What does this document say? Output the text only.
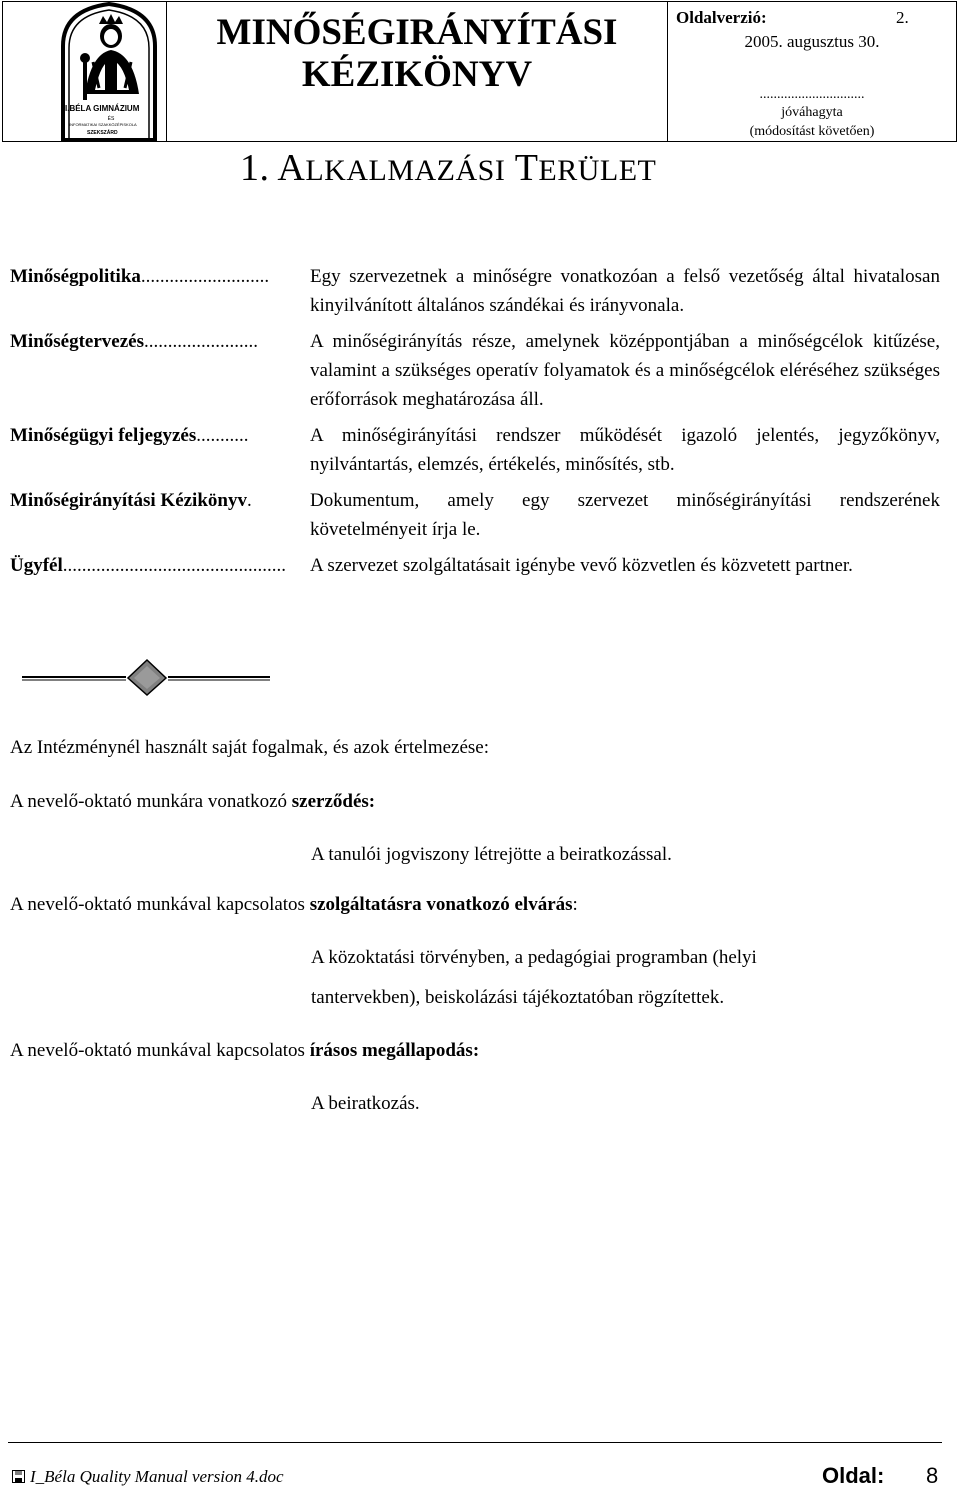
I.BÉLA GIMNÁZIUM
ÉS
INFORMATIKAI SZAKKÖZÉPISKOLA
SZEKSZÁRD
MINŐSÉGIRÁNYÍTÁSI
KÉZIKÖNYV
Oldalverzió:	2.
2005. augusztus 30.
..............................
jóváhagyta
(módosítást követően)
1. ALKALMAZÁSI TERÜLET
Minőségpolitika...........................	Egy szervezetnek a minőségre vonatkozóan a felső vezetőség által hivatalosan kinyilvánított általános szándékai és irányvonala.
Minőségtervezés........................	A minőségirányítás része, amelynek középpontjában a minőségcélok kitűzése, valamint a szükséges operatív folyamatok és a minőségcélok eléréséhez szükséges erőforrások meghatározása áll.
Minőségügyi feljegyzés...........	A minőségirányítási rendszer működését igazoló jelentés, jegyzőkönyv, nyilvántartás, elemzés, értékelés, minősítés, stb.
Minőségirányítási Kézikönyv.	Dokumentum, amely egy szervezet minőségirányítási rendszerének követelményeit írja le.
Ügyfél...............................................	A szervezet szolgáltatásait igénybe vevő közvetlen és közvetett partner.
Az Intézménynél használt saját fogalmak, és azok értelmezése:
A nevelő-oktató munkára vonatkozó szerződés:
A tanulói jogviszony létrejötte a beiratkozással.
A nevelő-oktató munkával kapcsolatos szolgáltatásra vonatkozó elvárás:
A közoktatási törvényben, a pedagógiai programban (helyi
tantervekben), beiskolázási tájékoztatóban rögzítettek.
A nevelő-oktató munkával kapcsolatos írásos megállapodás:
A beiratkozás.
I_Béla Quality Manual version 4.doc	Oldal: 8
